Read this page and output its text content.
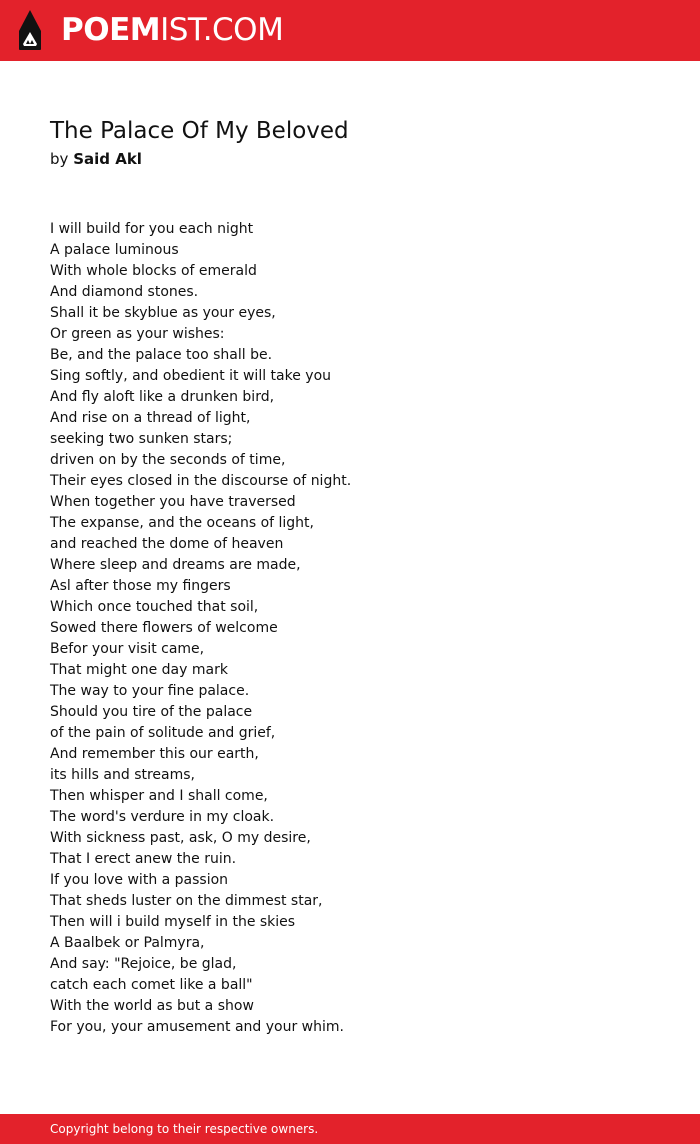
POEMIST.COM
The Palace Of My Beloved
by Said Akl
I will build for you each night
A palace luminous
With whole blocks of emerald
And diamond stones.
Shall it be skyblue as your eyes,
Or green as your wishes:
Be, and the palace too shall be.
Sing softly, and obedient it will take you
And fly aloft like a drunken bird,
And rise on a thread of light,
seeking two sunken stars;
driven on by the seconds of time,
Their eyes closed in the discourse of night.
When together you have traversed
The expanse, and the oceans of light,
and reached the dome of heaven
Where sleep and dreams are made,
Asl after those my fingers
Which once touched that soil,
Sowed there flowers of welcome
Befor your visit came,
That might one day mark
The way to your fine palace.
Should you tire of the palace
of the pain of solitude and grief,
And remember this our earth,
its hills and streams,
Then whisper and I shall come,
The word's verdure in my cloak.
With sickness past, ask, O my desire,
That I erect anew the ruin.
If you love with a passion
That sheds luster on the dimmest star,
Then will i build myself in the skies
A Baalbek or Palmyra,
And say: "Rejoice, be glad,
catch each comet like a ball"
With the world as but a show
For you, your amusement and your whim.
Copyright belong to their respective owners.
